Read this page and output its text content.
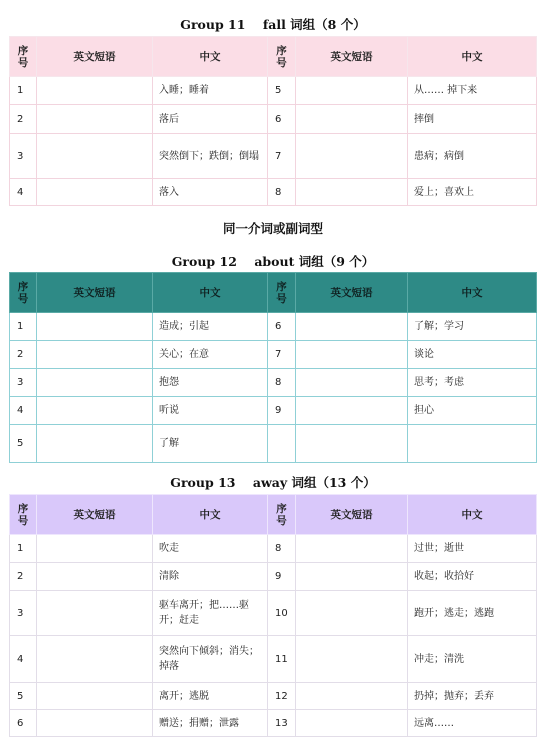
Group 11    fall 词组（8 个）
序号	英文短语	中文	序号	英文短语	中文
1		入睡；睡着	5		从…… 掉下来
2		落后	6		摔倒
3		突然倒下；跌倒；倒塌	7		患病；病倒
4		落入	8		爱上；喜欢上
同一介词或副词型
Group 12    about 词组（9 个）
序号	英文短语	中文	序号	英文短语	中文
1		造成；引起	6		了解；学习
2		关心；在意	7		谈论
3		抱怨	8		思考；考虑
4		听说	9		担心
5		了解			
Group 13    away 词组（13 个）
序号	英文短语	中文	序号	英文短语	中文
1		吹走	8		过世；逝世
2		清除	9		收起；收拾好
3		驱车离开；把……驱开；赶走	10		跑开；逃走；逃跑
4		突然向下倾斜；消失；掉落	11		冲走；清洗
5		离开；逃脱	12		扔掉；抛弃；丢弃
6		赠送；捐赠；泄露	13		远离……
